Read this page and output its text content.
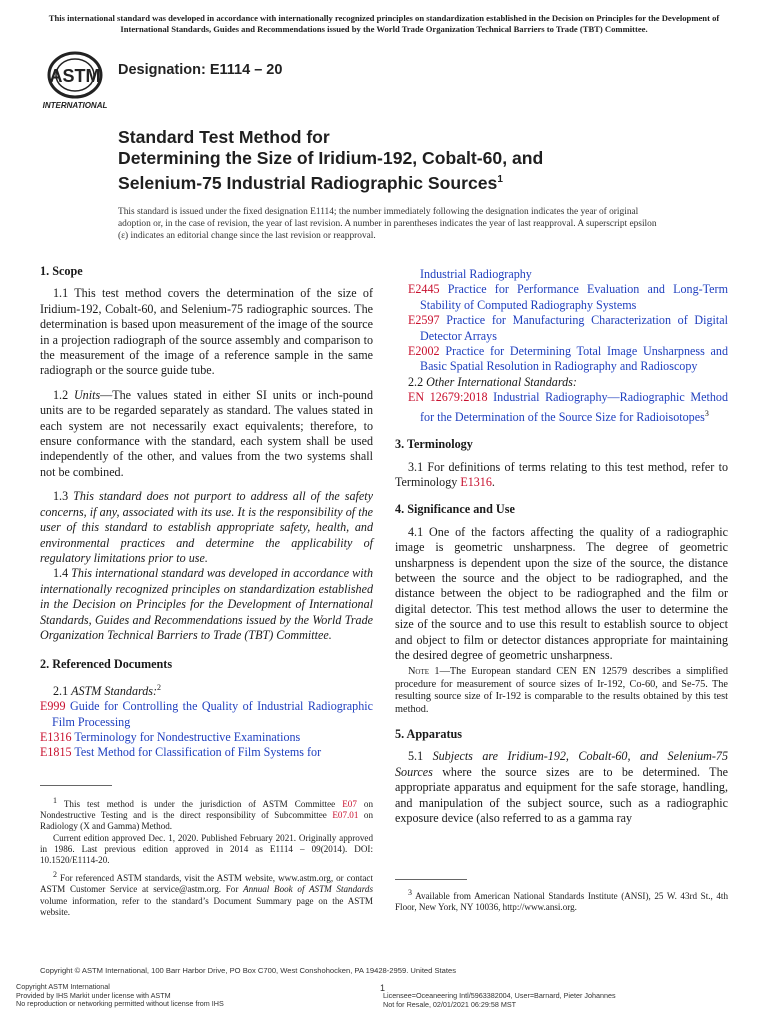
This international standard was developed in accordance with internationally recognized principles on standardization established in the Decision on Principles for the Development of International Standards, Guides and Recommendations issued by the World Trade Organization Technical Barriers to Trade (TBT) Committee.
ASTM
INTERNATIONAL
Designation: E1114 – 20
Standard Test Method for
Determining the Size of Iridium-192, Cobalt-60, and
Selenium-75 Industrial Radiographic Sources$^1$
This standard is issued under the fixed designation E1114; the number immediately following the designation indicates the year of original adoption or, in the case of revision, the year of last revision. A number in parentheses indicates the year of last reapproval. A superscript epsilon (ε) indicates an editorial change since the last revision or reapproval.

1. Scope

1.1 This test method covers the determination of the size of Iridium-192, Cobalt-60, and Selenium-75 radiographic sources. The determination is based upon measurement of the image of the source in a projection radiograph of the source assembly and comparison to the measurement of the image of a reference sample in the same radiograph or the source guide tube.

1.2 Units—The values stated in either SI units or inch-pound units are to be regarded separately as standard. The values stated in each system are not necessarily exact equivalents; therefore, to ensure conformance with the standard, each system shall be used independently of the other, and values from the two systems shall not be combined.

1.3 This standard does not purport to address all of the safety concerns, if any, associated with its use. It is the responsibility of the user of this standard to establish appropriate safety, health, and environmental practices and determine the applicability of regulatory limitations prior to use.

1.4 This international standard was developed in accordance with internationally recognized principles on standardization established in the Decision on Principles for the Development of International Standards, Guides and Recommendations issued by the World Trade Organization Technical Barriers to Trade (TBT) Committee.

2. Referenced Documents

2.1 ASTM Standards:$^2$

E999 Guide for Controlling the Quality of Industrial Radiographic Film Processing

E1316 Terminology for Nondestructive Examinations

E1815 Test Method for Classification of Film Systems for

$^1$ This test method is under the jurisdiction of ASTM Committee E07 on Nondestructive Testing and is the direct responsibility of Subcommittee E07.01 on Radiology (X and Gamma) Method.

Current edition approved Dec. 1, 2020. Published February 2021. Originally approved in 1986. Last previous edition approved in 2014 as E1114 – 09(2014). DOI: 10.1520/E1114-20.

$^2$ For referenced ASTM standards, visit the ASTM website, www.astm.org, or contact ASTM Customer Service at service@astm.org. For Annual Book of ASTM Standards volume information, refer to the standard’s Document Summary page on the ASTM website.

Industrial Radiography

E2445 Practice for Performance Evaluation and Long-Term Stability of Computed Radiography Systems

E2597 Practice for Manufacturing Characterization of Digital Detector Arrays

E2002 Practice for Determining Total Image Unsharpness and Basic Spatial Resolution in Radiography and Radioscopy

2.2 Other International Standards:

EN 12679:2018 Industrial Radiography—Radiographic Method for the Determination of the Source Size for Radioisotopes$^3$

3. Terminology

3.1 For definitions of terms relating to this test method, refer to Terminology E1316.

4. Significance and Use

4.1 One of the factors affecting the quality of a radiographic image is geometric unsharpness. The degree of geometric unsharpness is dependent upon the size of the source, the distance between the source and the object to be radiographed, and the distance between the object to be radiographed and the film or digital detector. This test method allows the user to determine the size of the source and to use this result to establish source to object and object to film or detector distances appropriate for maintaining the desired degree of geometric unsharpness.

Note 1—The European standard CEN EN 12579 describes a simplified procedure for measurement of source sizes of Ir-192, Co-60, and Se-75. The resulting source size of Ir-192 is comparable to the results obtained by this test method.

5. Apparatus

5.1 Subjects are Iridium-192, Cobalt-60, and Selenium-75 Sources where the source sizes are to be determined. The appropriate apparatus and equipment for the safe storage, handling, and manipulation of the subject source, such as a radiographic exposure device (also referred to as a gamma ray

$^3$ Available from American National Standards Institute (ANSI), 25 W. 43rd St., 4th Floor, New York, NY 10036, http://www.ansi.org.

Copyright © ASTM International, 100 Barr Harbor Drive, PO Box C700, West Conshohocken, PA 19428-2959. United States
1
Copyright ASTM International
Provided by IHS Markit under license with ASTM
No reproduction or networking permitted without license from IHS
Licensee=Oceaneering Intl/5963382004, User=Barnard, Pieter Johannes
Not for Resale, 02/01/2021 06:29:58 MST
